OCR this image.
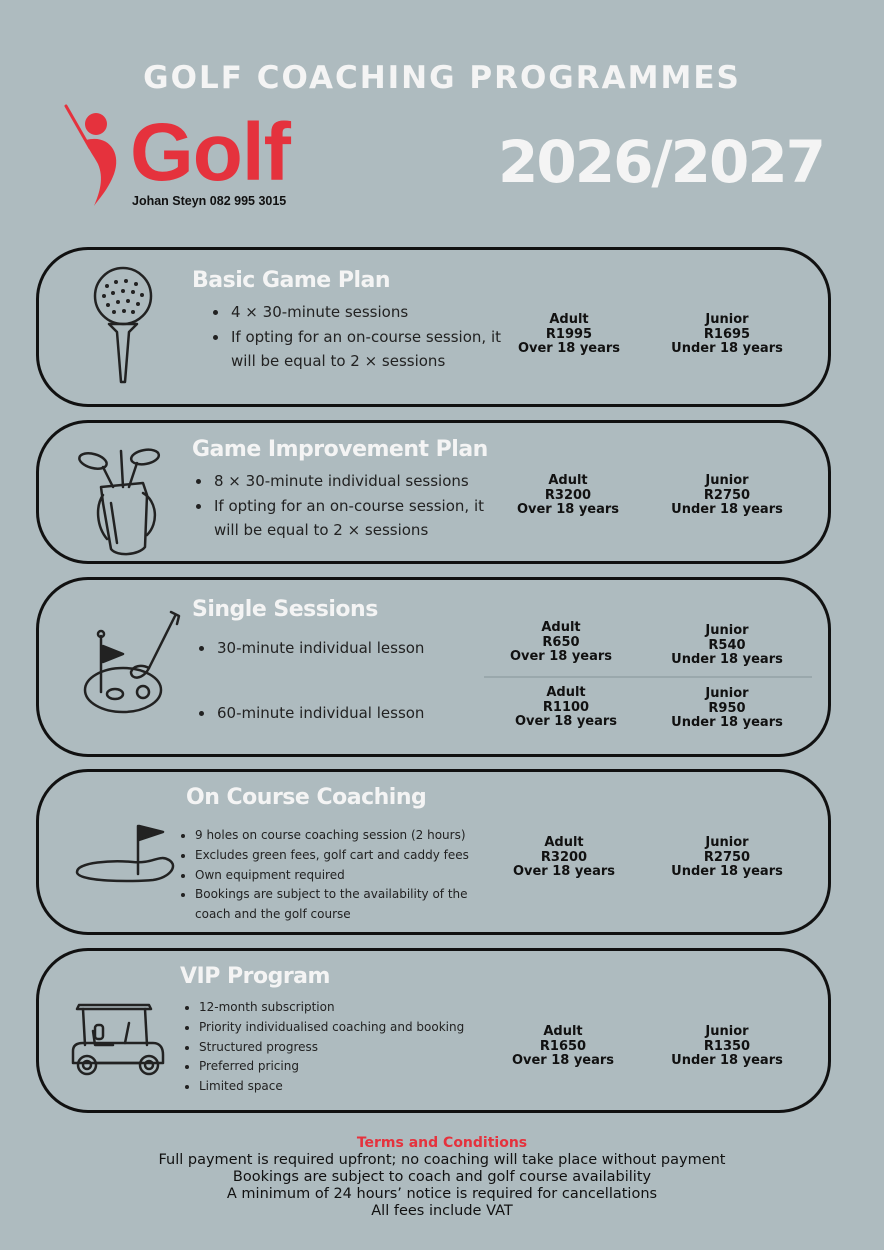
GOLF COACHING PROGRAMMES
Golf
Johan Steyn 082 995 3015
2026/2027
Basic Game Plan
4 × 30-minute sessions
If opting for an on-course session, it will be equal to 2 × sessions
Adult
R1995
Over 18 years
Junior
R1695
Under 18 years
Game Improvement Plan
8 × 30-minute individual sessions
If opting for an on-course session, it will be equal to 2 × sessions
Adult
R3200
Over 18 years
Junior
R2750
Under 18 years
Single Sessions
30-minute individual lesson
60-minute individual lesson
Adult
R650
Over 18 years
Junior
R540
Under 18 years
Adult
R1100
Over 18 years
Junior
R950
Under 18 years
On Course Coaching
9 holes on course coaching session (2 hours)
Excludes green fees, golf cart and caddy fees
Own equipment required
Bookings are subject to the availability of the coach and the golf course
Adult
R3200
Over 18 years
Junior
R2750
Under 18 years
VIP Program
12-month subscription
Priority individualised coaching and booking
Structured progress
Preferred pricing
Limited space
Adult
R1650
Over 18 years
Junior
R1350
Under 18 years
Terms and Conditions
Full payment is required upfront; no coaching will take place without payment
Bookings are subject to coach and golf course availability
A minimum of 24 hours’ notice is required for cancellations
All fees include VAT
